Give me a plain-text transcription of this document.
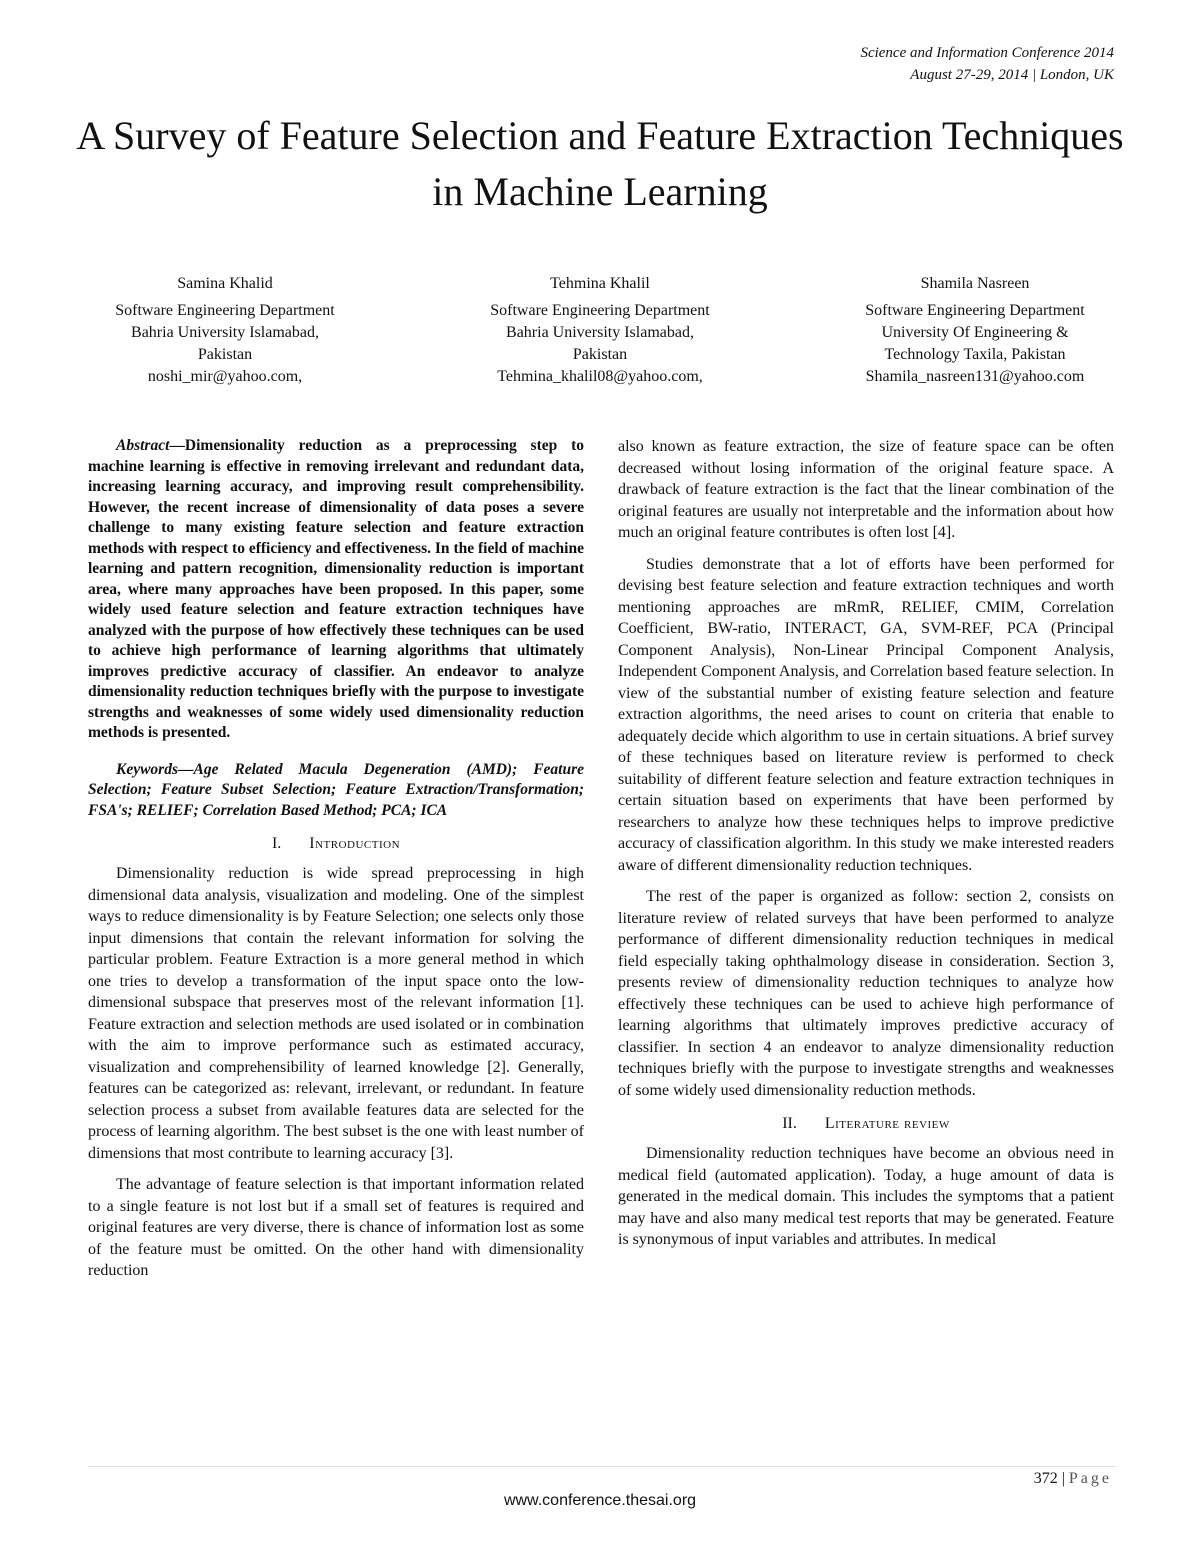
Science and Information Conference 2014
August 27-29, 2014 | London, UK
A Survey of Feature Selection and Feature Extraction Techniques in Machine Learning
Samina Khalid
Software Engineering Department
Bahria University Islamabad,
Pakistan
noshi_mir@yahoo.com,
Tehmina Khalil
Software Engineering Department
Bahria University Islamabad,
Pakistan
Tehmina_khalil08@yahoo.com,
Shamila Nasreen
Software Engineering Department
University Of Engineering &
Technology Taxila, Pakistan
Shamila_nasreen131@yahoo.com

Abstract—Dimensionality reduction as a preprocessing step to machine learning is effective in removing irrelevant and redundant data, increasing learning accuracy, and improving result comprehensibility. However, the recent increase of dimensionality of data poses a severe challenge to many existing feature selection and feature extraction methods with respect to efficiency and effectiveness. In the field of machine learning and pattern recognition, dimensionality reduction is important area, where many approaches have been proposed. In this paper, some widely used feature selection and feature extraction techniques have analyzed with the purpose of how effectively these techniques can be used to achieve high performance of learning algorithms that ultimately improves predictive accuracy of classifier. An endeavor to analyze dimensionality reduction techniques briefly with the purpose to investigate strengths and weaknesses of some widely used dimensionality reduction methods is presented.

Keywords—Age Related Macula Degeneration (AMD); Feature Selection; Feature Subset Selection; Feature Extraction/Transformation; FSA's; RELIEF; Correlation Based Method; PCA; ICA

I. Introduction

Dimensionality reduction is wide spread preprocessing in high dimensional data analysis, visualization and modeling. One of the simplest ways to reduce dimensionality is by Feature Selection; one selects only those input dimensions that contain the relevant information for solving the particular problem. Feature Extraction is a more general method in which one tries to develop a transformation of the input space onto the low-dimensional subspace that preserves most of the relevant information [1]. Feature extraction and selection methods are used isolated or in combination with the aim to improve performance such as estimated accuracy, visualization and comprehensibility of learned knowledge [2]. Generally, features can be categorized as: relevant, irrelevant, or redundant. In feature selection process a subset from available features data are selected for the process of learning algorithm. The best subset is the one with least number of dimensions that most contribute to learning accuracy [3].

The advantage of feature selection is that important information related to a single feature is not lost but if a small set of features is required and original features are very diverse, there is chance of information lost as some of the feature must be omitted. On the other hand with dimensionality reduction

also known as feature extraction, the size of feature space can be often decreased without losing information of the original feature space. A drawback of feature extraction is the fact that the linear combination of the original features are usually not interpretable and the information about how much an original feature contributes is often lost [4].

Studies demonstrate that a lot of efforts have been performed for devising best feature selection and feature extraction techniques and worth mentioning approaches are mRmR, RELIEF, CMIM, Correlation Coefficient, BW-ratio, INTERACT, GA, SVM-REF, PCA (Principal Component Analysis), Non-Linear Principal Component Analysis, Independent Component Analysis, and Correlation based feature selection. In view of the substantial number of existing feature selection and feature extraction algorithms, the need arises to count on criteria that enable to adequately decide which algorithm to use in certain situations. A brief survey of these techniques based on literature review is performed to check suitability of different feature selection and feature extraction techniques in certain situation based on experiments that have been performed by researchers to analyze how these techniques helps to improve predictive accuracy of classification algorithm. In this study we make interested readers aware of different dimensionality reduction techniques.

The rest of the paper is organized as follow: section 2, consists on literature review of related surveys that have been performed to analyze performance of different dimensionality reduction techniques in medical field especially taking ophthalmology disease in consideration. Section 3, presents review of dimensionality reduction techniques to analyze how effectively these techniques can be used to achieve high performance of learning algorithms that ultimately improves predictive accuracy of classifier. In section 4 an endeavor to analyze dimensionality reduction techniques briefly with the purpose to investigate strengths and weaknesses of some widely used dimensionality reduction methods.

II. Literature review

Dimensionality reduction techniques have become an obvious need in medical field (automated application). Today, a huge amount of data is generated in the medical domain. This includes the symptoms that a patient may have and also many medical test reports that may be generated. Feature is synonymous of input variables and attributes. In medical

372 | Page
www.conference.thesai.org
